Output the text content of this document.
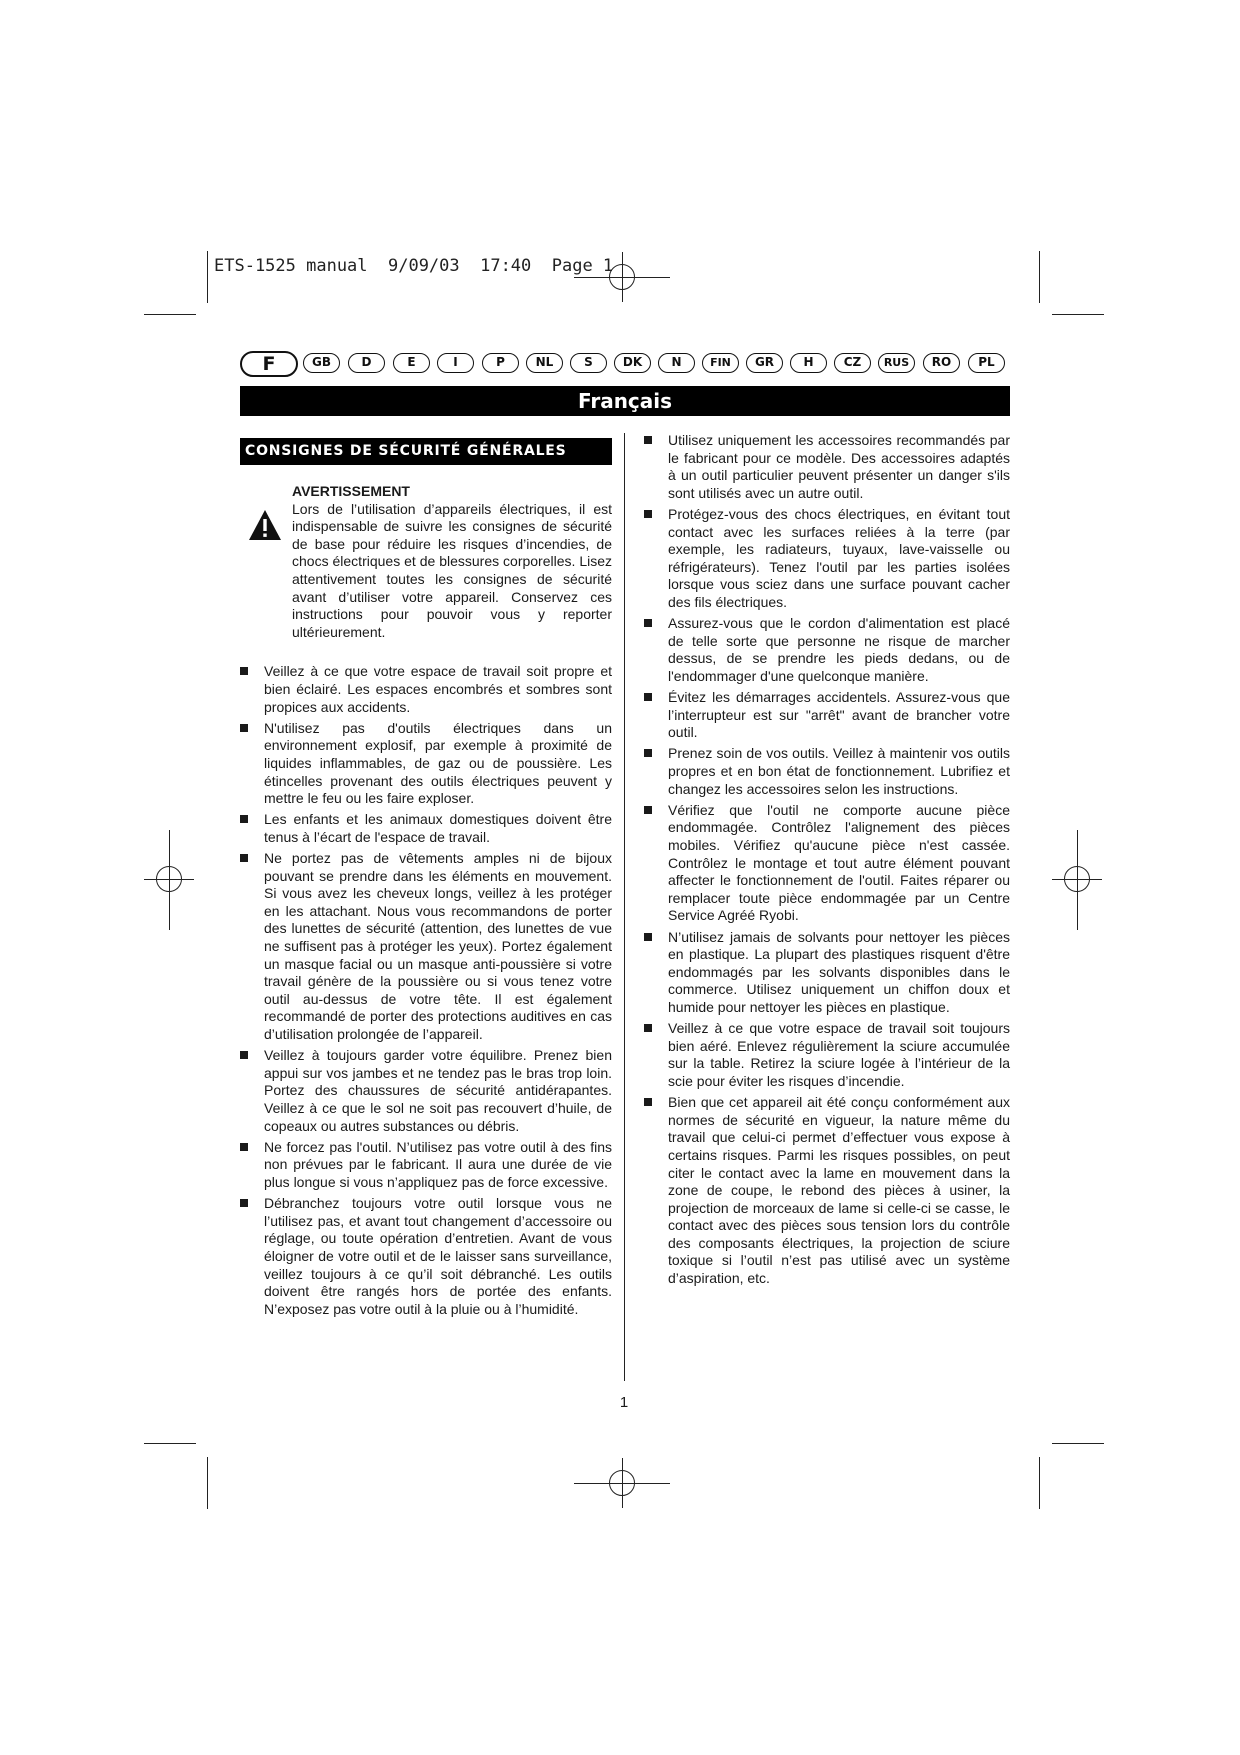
ETS-1525 manual  9/09/03  17:40  Page 1
F	GB	D	E	I	P	NL	S	DK	N	FIN	GR	H	CZ	RUS	RO	PL
Français
CONSIGNES DE SÉCURITÉ GÉNÉRALES
AVERTISSEMENT
Lors de l’utilisation d’appareils électriques, il est indispensable de suivre les consignes de sécurité de base pour réduire les risques d’incendies, de chocs électriques et de blessures corporelles. Lisez attentivement toutes les consignes de sécurité avant d’utiliser votre appareil. Conservez ces instructions pour pouvoir vous y reporter ultérieurement.
Veillez à ce que votre espace de travail soit propre et bien éclairé. Les espaces encombrés et sombres sont propices aux accidents.
N'utilisez pas d'outils électriques dans un environnement explosif, par exemple à proximité de liquides inflammables, de gaz ou de poussière. Les étincelles provenant des outils électriques peuvent y mettre le feu ou les faire exploser.
Les enfants et les animaux domestiques doivent être tenus à l’écart de l'espace de travail.
Ne portez pas de vêtements amples ni de bijoux pouvant se prendre dans les éléments en mouvement. Si vous avez les cheveux longs, veillez à les protéger en les attachant. Nous vous recommandons de porter des lunettes de sécurité (attention, des lunettes de vue ne suffisent pas à protéger les yeux). Portez également un masque facial ou un masque anti-poussière si votre travail génère de la poussière ou si vous tenez votre outil au-dessus de votre tête. Il est également recommandé de porter des protections auditives en cas d’utilisation prolongée de l’appareil.
Veillez à toujours garder votre équilibre. Prenez bien appui sur vos jambes et ne tendez pas le bras trop loin. Portez des chaussures de sécurité antidérapantes. Veillez à ce que le sol ne soit pas recouvert d’huile, de copeaux ou autres substances ou débris.
Ne forcez pas l'outil. N’utilisez pas votre outil à des fins non prévues par le fabricant. Il aura une durée de vie plus longue si vous n’appliquez pas de force excessive.
Débranchez toujours votre outil lorsque vous ne l’utilisez pas, et avant tout changement d’accessoire ou réglage, ou toute opération d’entretien. Avant de vous éloigner de votre outil et de le laisser sans surveillance, veillez toujours à ce qu’il soit débranché. Les outils doivent être rangés hors de portée des enfants. N’exposez pas votre outil à la pluie ou à l’humidité.
Utilisez uniquement les accessoires recommandés par le fabricant pour ce modèle. Des accessoires adaptés à un outil particulier peuvent présenter un danger s'ils sont utilisés avec un autre outil.
Protégez-vous des chocs électriques, en évitant tout contact avec les surfaces reliées à la terre (par exemple, les radiateurs, tuyaux, lave-vaisselle ou réfrigérateurs). Tenez l'outil par les parties isolées lorsque vous sciez dans une surface pouvant cacher des fils électriques.
Assurez-vous que le cordon d'alimentation est placé de telle sorte que personne ne risque de marcher dessus, de se prendre les pieds dedans, ou de l'endommager d'une quelconque manière.
Évitez les démarrages accidentels. Assurez-vous que l’interrupteur est sur "arrêt" avant de brancher votre outil.
Prenez soin de vos outils. Veillez à maintenir vos outils propres et en bon état de fonctionnement. Lubrifiez et changez les accessoires selon les instructions.
Vérifiez que l'outil ne comporte aucune pièce endommagée. Contrôlez l'alignement des pièces mobiles. Vérifiez qu'aucune pièce n'est cassée. Contrôlez le montage et tout autre élément pouvant affecter le fonctionnement de l'outil. Faites réparer ou remplacer toute pièce endommagée par un Centre Service Agréé Ryobi.
N’utilisez jamais de solvants pour nettoyer les pièces en plastique. La plupart des plastiques risquent d'être endommagés par les solvants disponibles dans le commerce. Utilisez uniquement un chiffon doux et humide pour nettoyer les pièces en plastique.
Veillez à ce que votre espace de travail soit toujours bien aéré. Enlevez régulièrement la sciure accumulée sur la table. Retirez la sciure logée à l’intérieur de la scie pour éviter les risques d’incendie.
Bien que cet appareil ait été conçu conformément aux normes de sécurité en vigueur, la nature même du travail que celui-ci permet d’effectuer vous expose à certains risques. Parmi les risques possibles, on peut citer le contact avec la lame en mouvement dans la zone de coupe, le rebond des pièces à usiner, la projection de morceaux de lame si celle-ci se casse, le contact avec des pièces sous tension lors du contrôle des composants électriques, la projection de sciure toxique si l’outil n’est pas utilisé avec un système d’aspiration, etc.
1
